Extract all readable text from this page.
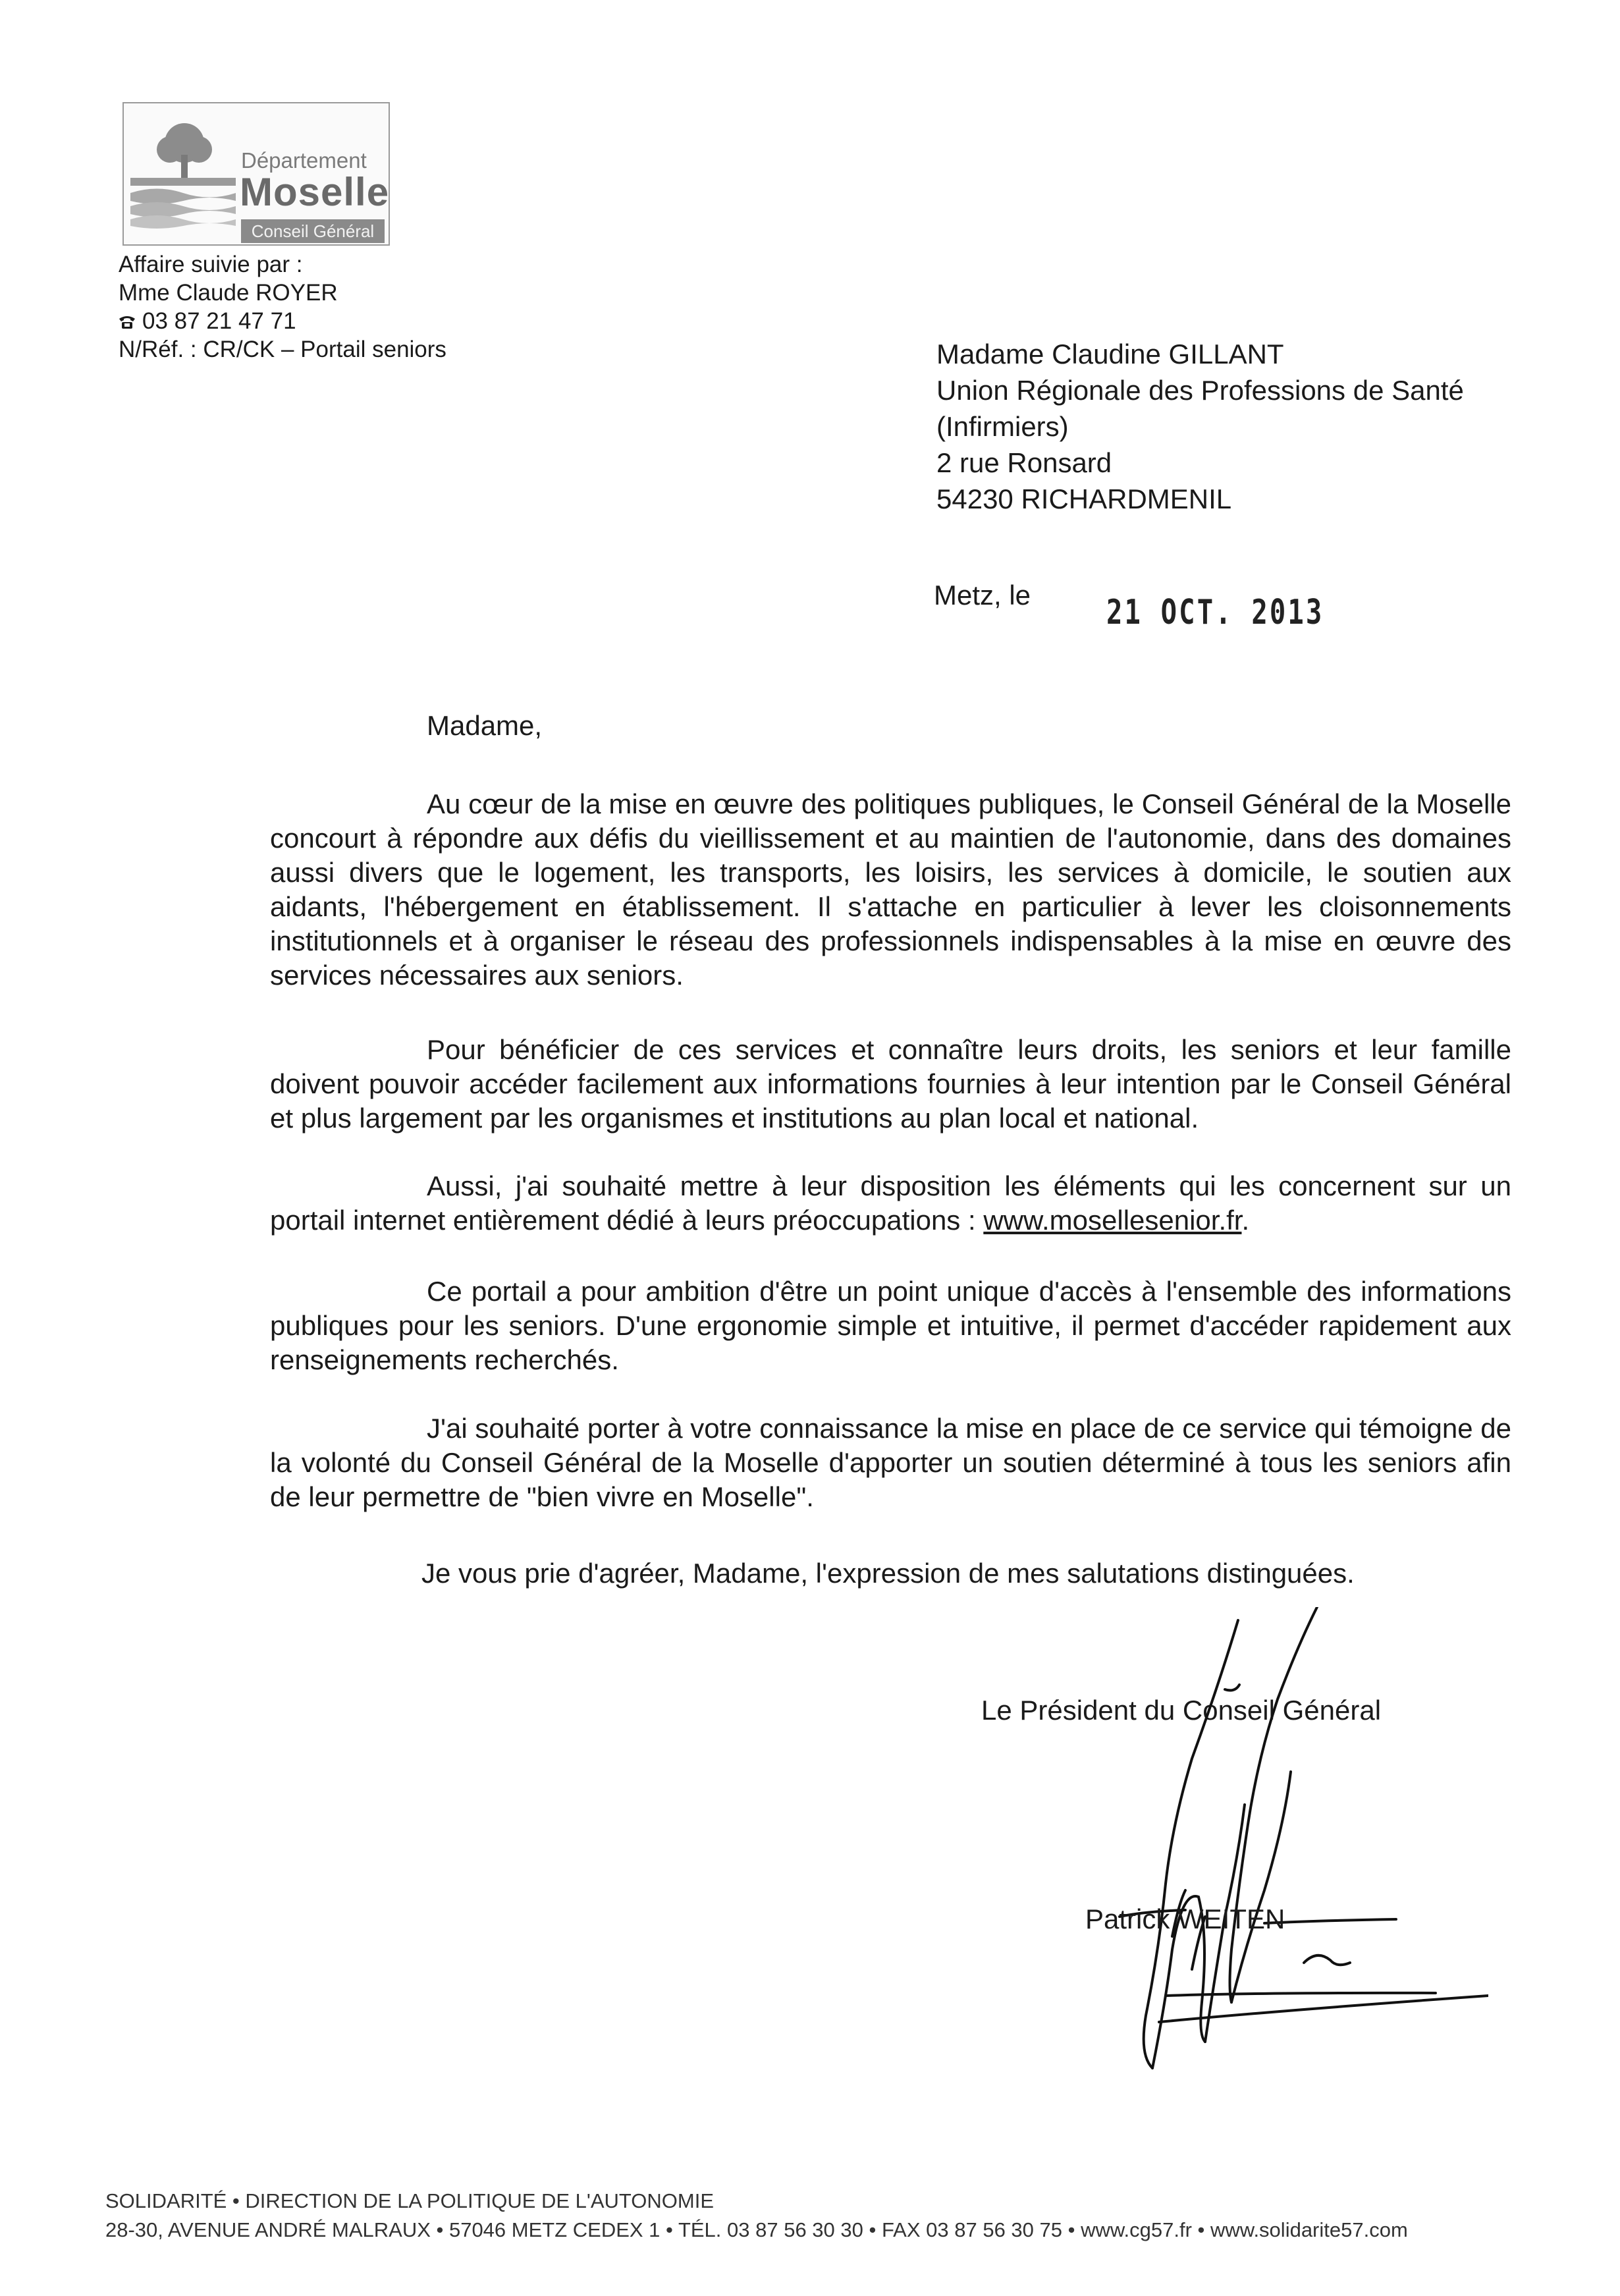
Département
Moselle
Conseil Général
Affaire suivie par :
Mme Claude ROYER
03 87 21 47 71
N/Réf. : CR/CK – Portail seniors	Madame Claudine GILLANT
Union Régionale des Professions de Santé
(Infirmiers)
2 rue Ronsard
54230 RICHARDMENIL
Metz, le 21 OCT. 2013
Madame,
Au cœur de la mise en œuvre des politiques publiques, le Conseil Général de la Moselle concourt à répondre aux défis du vieillissement et au maintien de l'autonomie, dans des domaines aussi divers que le logement, les transports, les loisirs, les services à domicile, le soutien aux aidants, l'hébergement en établissement. Il s'attache en particulier à lever les cloisonnements institutionnels et à organiser le réseau des professionnels indispensables à la mise en œuvre des services nécessaires aux seniors.
Pour bénéficier de ces services et connaître leurs droits, les seniors et leur famille doivent pouvoir accéder facilement aux informations fournies à leur intention par le Conseil Général et plus largement par les organismes et institutions au plan local et national.
Aussi, j'ai souhaité mettre à leur disposition les éléments qui les concernent sur un portail internet entièrement dédié à leurs préoccupations : www.mosellesenior.fr.
Ce portail a pour ambition d'être un point unique d'accès à l'ensemble des informations publiques pour les seniors. D'une ergonomie simple et intuitive, il permet d'accéder rapidement aux renseignements recherchés.
J'ai souhaité porter à votre connaissance la mise en place de ce service qui témoigne de la volonté du Conseil Général de la Moselle d'apporter un soutien déterminé à tous les seniors afin de leur permettre de "bien vivre en Moselle".
Je vous prie d'agréer, Madame, l'expression de mes salutations distinguées.
Le Président du Conseil Général
Patrick WEITEN
SOLIDARITÉ • DIRECTION DE LA POLITIQUE DE L'AUTONOMIE
28-30, AVENUE ANDRÉ MALRAUX • 57046 METZ CEDEX 1 • TÉL. 03 87 56 30 30 • FAX 03 87 56 30 75 • www.cg57.fr • www.solidarite57.com
